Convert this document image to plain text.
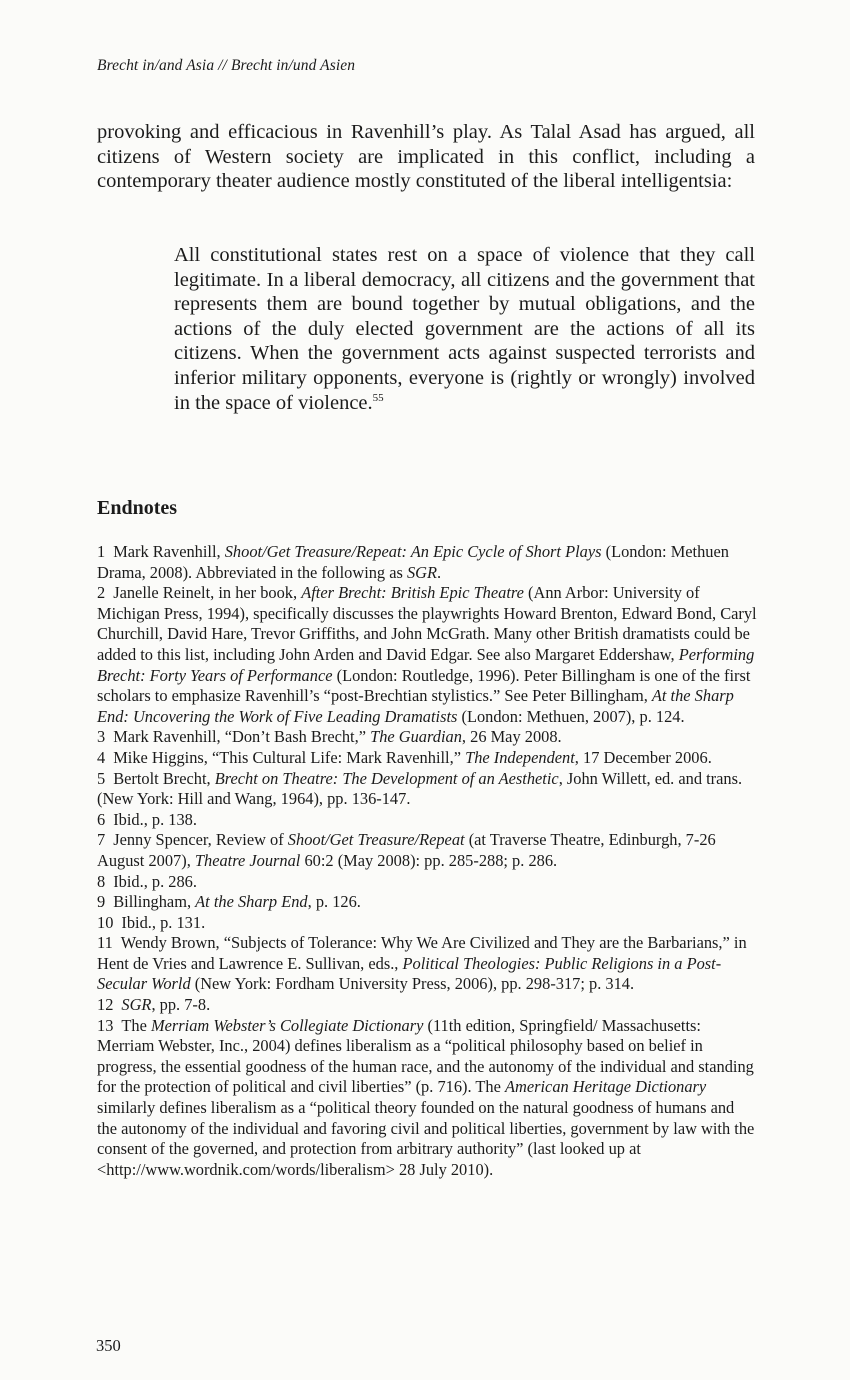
Brecht in/and Asia // Brecht in/und Asien

provoking and efficacious in Ravenhill’s play. As Talal Asad has argued, all citizens of Western society are implicated in this conflict, including a contemporary theater audience mostly constituted of the liberal intelligentsia:

All constitutional states rest on a space of violence that they call legitimate. In a liberal democracy, all citizens and the government that represents them are bound together by mutual obligations, and the actions of the duly elected government are the actions of all its citizens. When the government acts against suspected terrorists and inferior military opponents, everyone is (rightly or wrongly) involved in the space of violence.$^{55}$

Endnotes
1 Mark Ravenhill, Shoot/Get Treasure/Repeat: An Epic Cycle of Short Plays (London: Methuen Drama, 2008). Abbreviated in the following as SGR.
2 Janelle Reinelt, in her book, After Brecht: British Epic Theatre (Ann Arbor: University of Michigan Press, 1994), specifically discusses the playwrights Howard Brenton, Edward Bond, Caryl Churchill, David Hare, Trevor Griffiths, and John McGrath. Many other British dramatists could be added to this list, including John Arden and David Edgar. See also Margaret Eddershaw, Performing Brecht: Forty Years of Performance (London: Routledge, 1996). Peter Billingham is one of the first scholars to emphasize Ravenhill’s “post-Brechtian stylistics.” See Peter Billingham, At the Sharp End: Uncovering the Work of Five Leading Dramatists (London: Methuen, 2007), p. 124.
3 Mark Ravenhill, “Don’t Bash Brecht,” The Guardian, 26 May 2008.
4 Mike Higgins, “This Cultural Life: Mark Ravenhill,” The Independent, 17 December 2006.
5 Bertolt Brecht, Brecht on Theatre: The Development of an Aesthetic, John Willett, ed. and trans. (New York: Hill and Wang, 1964), pp. 136-147.
6 Ibid., p. 138.
7 Jenny Spencer, Review of Shoot/Get Treasure/Repeat (at Traverse Theatre, Edinburgh, 7-26 August 2007), Theatre Journal 60:2 (May 2008): pp. 285-288; p. 286.
8 Ibid., p. 286.
9 Billingham, At the Sharp End, p. 126.
10 Ibid., p. 131.
11 Wendy Brown, “Subjects of Tolerance: Why We Are Civilized and They are the Barbarians,” in Hent de Vries and Lawrence E. Sullivan, eds., Political Theologies: Public Religions in a Post-Secular World (New York: Fordham University Press, 2006), pp. 298-317; p. 314.
12 SGR, pp. 7-8.
13 The Merriam Webster’s Collegiate Dictionary (11th edition, Springfield/ Massachusetts: Merriam Webster, Inc., 2004) defines liberalism as a “political philosophy based on belief in progress, the essential goodness of the human race, and the autonomy of the individual and standing for the protection of political and civil liberties” (p. 716). The American Heritage Dictionary similarly defines liberalism as a “political theory founded on the natural goodness of humans and the autonomy of the individual and favoring civil and political liberties, government by law with the consent of the governed, and protection from arbitrary authority” (last looked up at <http://www.wordnik.com/words/liberalism> 28 July 2010).
350
